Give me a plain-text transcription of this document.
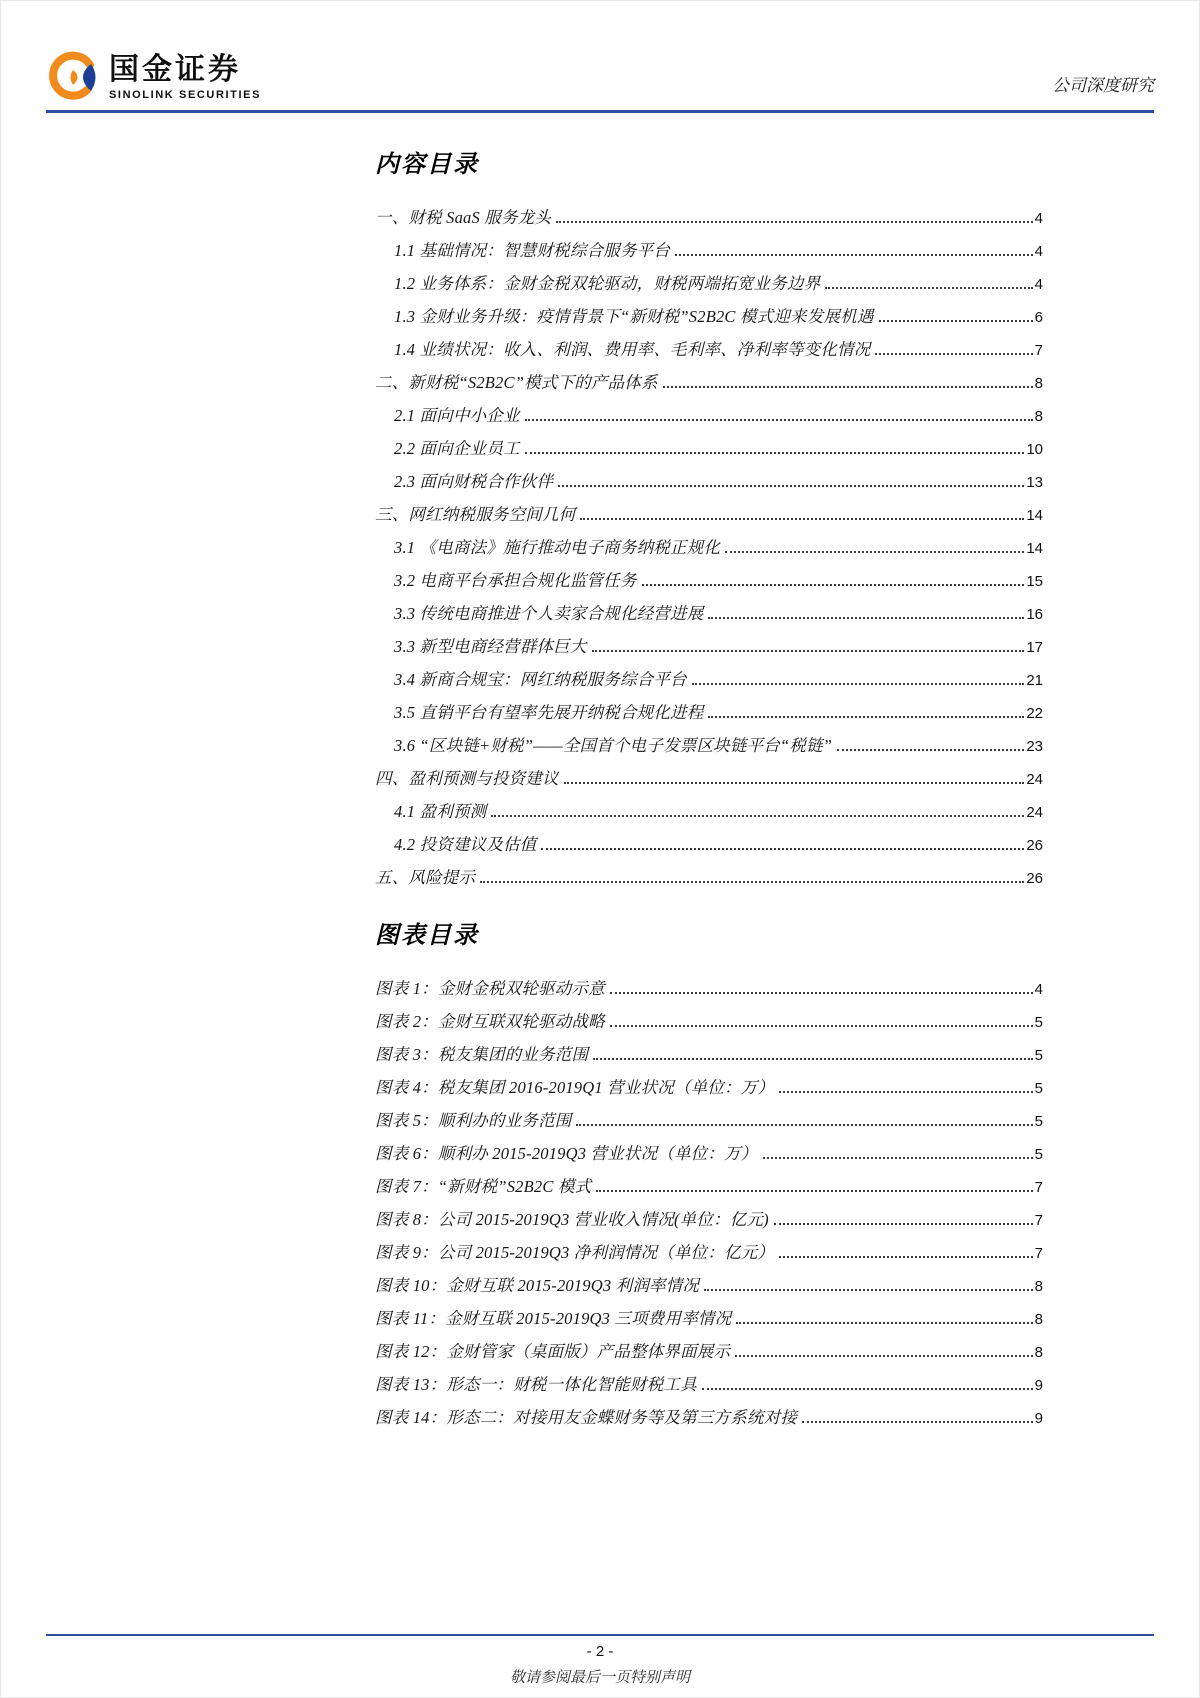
国金证券
SINOLINK SECURITIES	公司深度研究
内容目录
一、财税 SaaS 服务龙头	4
1.1 基础情况：智慧财税综合服务平台	4
1.2 业务体系：金财金税双轮驱动，财税两端拓宽业务边界	4
1.3 金财业务升级：疫情背景下“新财税”S2B2C 模式迎来发展机遇	6
1.4 业绩状况：收入、利润、费用率、毛利率、净利率等变化情况	7
二、新财税“S2B2C”模式下的产品体系	8
2.1 面向中小企业	8
2.2 面向企业员工	10
2.3 面向财税合作伙伴	13
三、网红纳税服务空间几何	14
3.1 《电商法》施行推动电子商务纳税正规化	14
3.2 电商平台承担合规化监管任务	15
3.3 传统电商推进个人卖家合规化经营进展	16
3.3 新型电商经营群体巨大	17
3.4 新商合规宝：网红纳税服务综合平台	21
3.5 直销平台有望率先展开纳税合规化进程	22
3.6 “区块链+财税”——全国首个电子发票区块链平台“税链”	23
四、盈利预测与投资建议	24
4.1 盈利预测	24
4.2 投资建议及估值	26
五、风险提示	26
图表目录
图表 1：金财金税双轮驱动示意	4
图表 2：金财互联双轮驱动战略	5
图表 3：税友集团的业务范围	5
图表 4：税友集团 2016-2019Q1 营业状况（单位：万）	5
图表 5：顺利办的业务范围	5
图表 6：顺利办 2015-2019Q3 营业状况（单位：万）	5
图表 7：“新财税”S2B2C 模式	7
图表 8：公司 2015-2019Q3 营业收入情况(单位：亿元)	7
图表 9：公司 2015-2019Q3 净利润情况（单位：亿元）	7
图表 10：金财互联 2015-2019Q3 利润率情况	8
图表 11：金财互联 2015-2019Q3 三项费用率情况	8
图表 12：金财管家（桌面版）产品整体界面展示	8
图表 13：形态一：财税一体化智能财税工具	9
图表 14：形态二：对接用友金蝶财务等及第三方系统对接	9
- 2 -
敬请参阅最后一页特别声明
